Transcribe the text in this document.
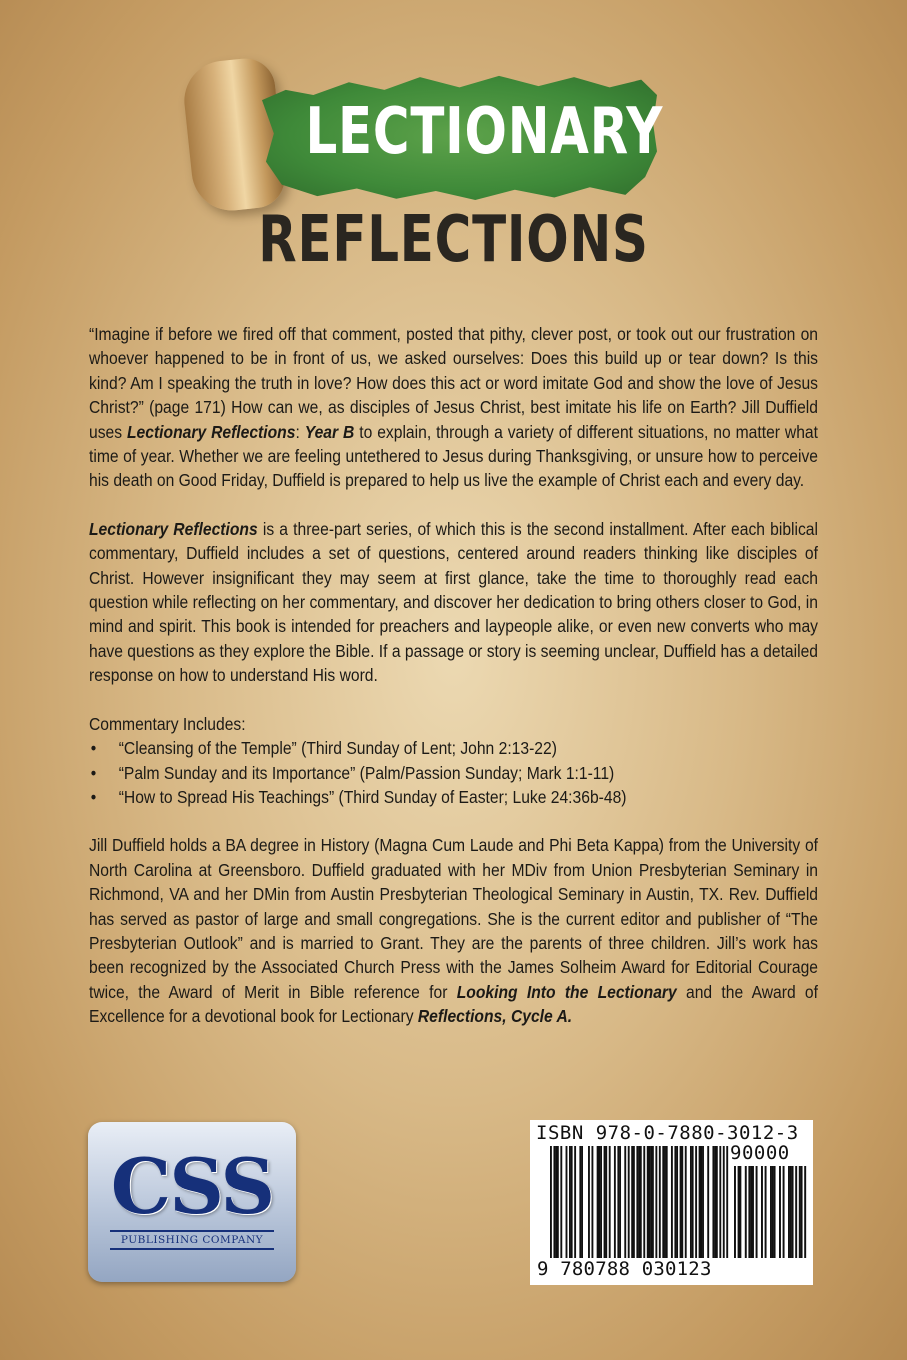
LECTIONARY
REFLECTIONS

“Imagine if before we fired off that comment, posted that pithy, clever post, or took out our frustration on whoever happened to be in front of us, we asked ourselves: Does this build up or tear down? Is this kind? Am I speaking the truth in love? How does this act or word imitate God and show the love of Jesus Christ?” (page 171) How can we, as disciples of Jesus Christ, best imitate his life on Earth? Jill Duffield uses Lectionary Reflections: Year B to explain, through a variety of different situations, no matter what time of year. Whether we are feeling untethered to Jesus during Thanksgiving, or unsure how to perceive his death on Good Friday, Duffield is prepared to help us live the example of Christ each and every day.

Lectionary Reflections is a three-part series, of which this is the second installment. After each biblical commentary, Duffield includes a set of questions, centered around readers thinking like disciples of Christ. However insignificant they may seem at first glance, take the time to thoroughly read each question while reflecting on her commentary, and discover her dedication to bring others closer to God, in mind and spirit. This book is intended for preachers and laypeople alike, or even new converts who may have questions as they explore the Bible. If a passage or story is seeming unclear, Duffield has a detailed response on how to understand His word.

Commentary Includes:

• “Cleansing of the Temple” (Third Sunday of Lent; John 2:13-22)
• “Palm Sunday and its Importance” (Palm/Passion Sunday; Mark 1:1-11)
• “How to Spread His Teachings” (Third Sunday of Easter; Luke 24:36b-48)

Jill Duffield holds a BA degree in History (Magna Cum Laude and Phi Beta Kappa) from the University of North Carolina at Greensboro. Duffield graduated with her MDiv from Union Presbyterian Seminary in Richmond, VA and her DMin from Austin Presbyterian Theological Seminary in Austin, TX. Rev. Duffield has served as pastor of large and small congregations. She is the current editor and publisher of “The Presbyterian Outlook” and is married to Grant. They are the parents of three children. Jill’s work has been recognized by the Associated Church Press with the James Solheim Award for Editorial Courage twice, the Award of Merit in Bible reference for Looking Into the Lectionary and the Award of Excellence for a devotional book for Lectionary Reflections, Cycle A.

CSS
PUBLISHING COMPANY
ISBN 978-0-7880-3012-3
90000
9 780788 030123
